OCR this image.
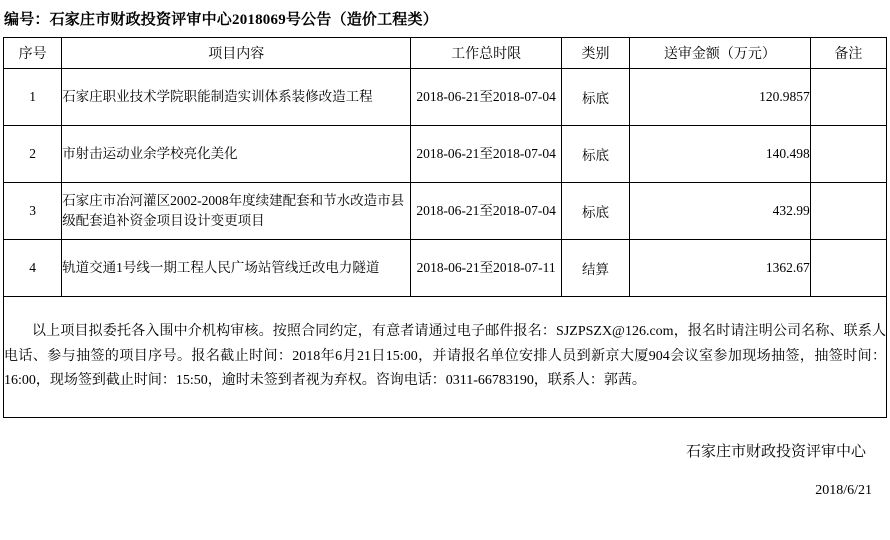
编号：石家庄市财政投资评审中心2018069号公告（造价工程类）
序号	项目内容	工作总时限	类别	送审金额（万元）	备注
1	石家庄职业技术学院职能制造实训体系装修改造工程	2018-06-21至2018-07-04	标底	120.9857	
2	市射击运动业余学校亮化美化	2018-06-21至2018-07-04	标底	140.498	
3	石家庄市冶河灌区2002-2008年度续建配套和节水改造市县级配套追补资金项目设计变更项目	2018-06-21至2018-07-04	标底	432.99	
4	轨道交通1号线一期工程人民广场站管线迁改电力隧道	2018-06-21至2018-07-11	结算	1362.67	

以上项目拟委托各入围中介机构审核。按照合同约定，有意者请通过电子邮件报名：SJZPSZX@126.com，报名时请注明公司名称、联系人电话、参与抽签的项目序号。报名截止时间：2018年6月21日15:00，并请报名单位安排人员到新京大厦904会议室参加现场抽签，抽签时间：16:00，现场签到截止时间：15:50，逾时未签到者视为弃权。咨询电话：0311-66783190，联系人：郭茜。					
石家庄市财政投资评审中心
2018/6/21
